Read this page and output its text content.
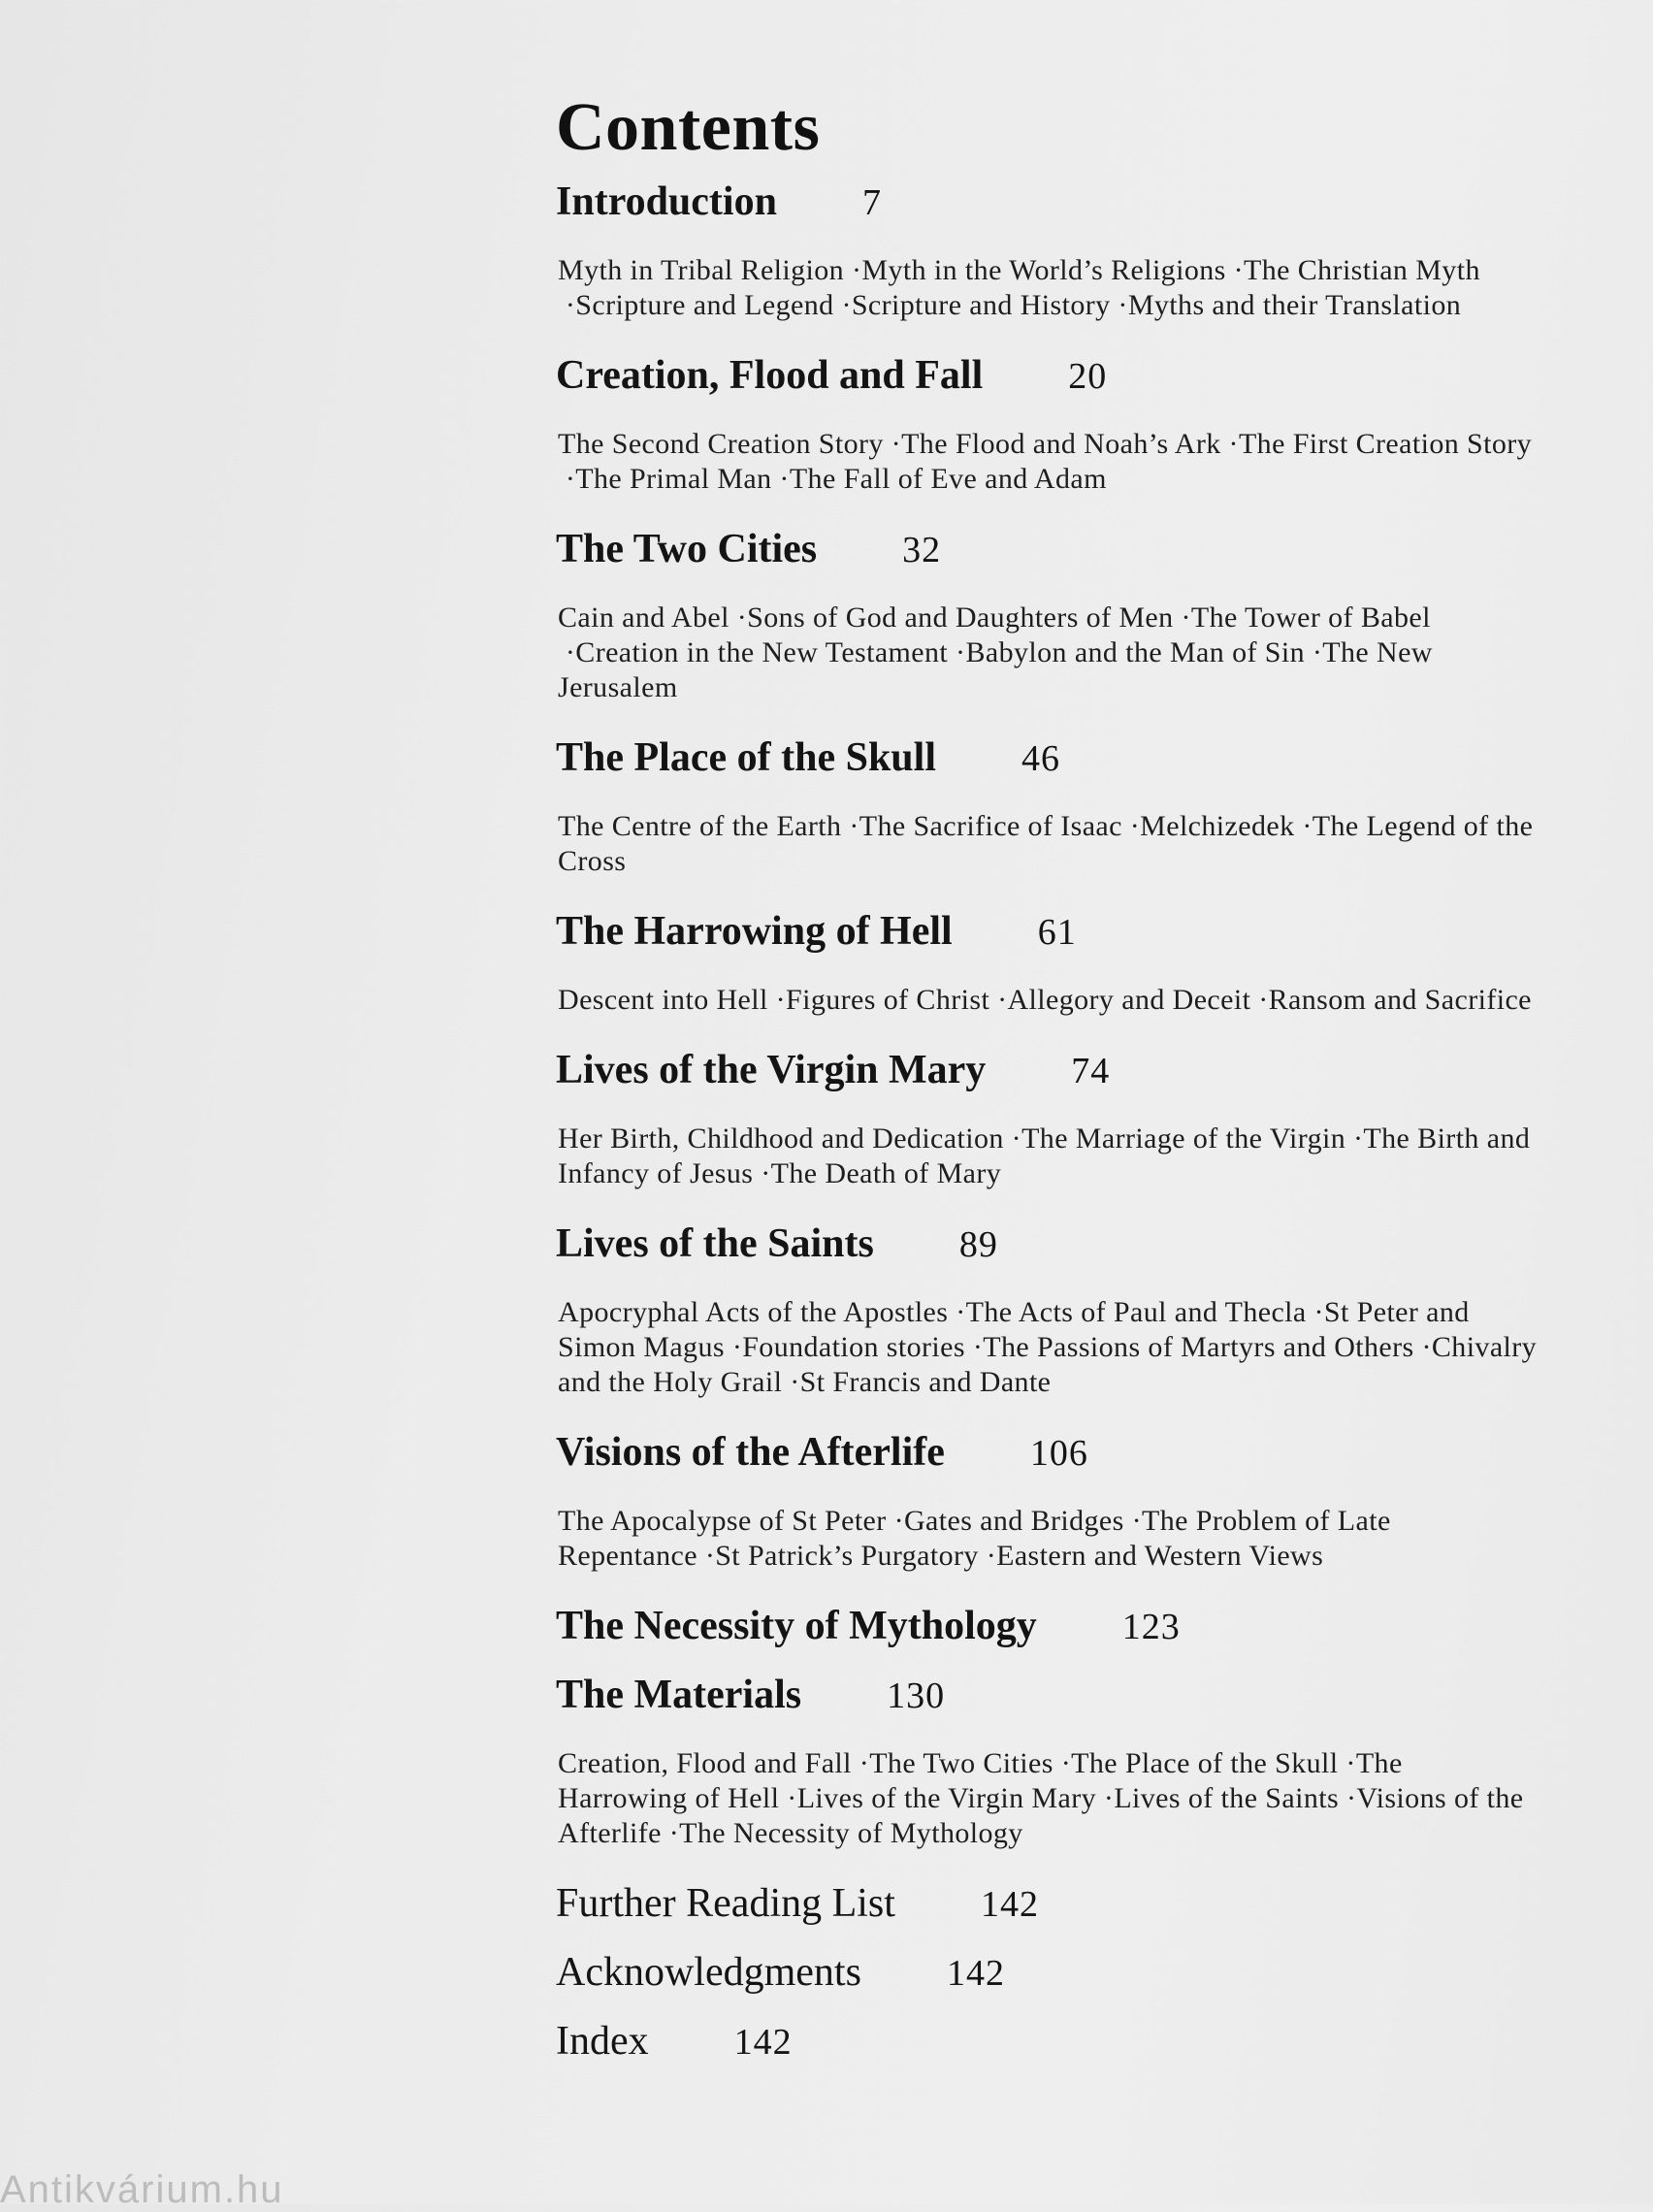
Contents
Introduction 7
Myth in Tribal Religion · Myth in the World’s Religions · The Christian Myth · Scripture and Legend · Scripture and History · Myths and their Translation
Creation, Flood and Fall 20
The Second Creation Story · The Flood and Noah’s Ark · The First Creation Story · The Primal Man · The Fall of Eve and Adam
The Two Cities 32
Cain and Abel · Sons of God and Daughters of Men · The Tower of Babel · Creation in the New Testament · Babylon and the Man of Sin · The New Jerusalem
The Place of the Skull 46
The Centre of the Earth · The Sacrifice of Isaac · Melchizedek · The Legend of the Cross
The Harrowing of Hell 61
Descent into Hell · Figures of Christ · Allegory and Deceit · Ransom and Sacrifice
Lives of the Virgin Mary 74
Her Birth, Childhood and Dedication · The Marriage of the Virgin · The Birth and Infancy of Jesus · The Death of Mary
Lives of the Saints 89
Apocryphal Acts of the Apostles · The Acts of Paul and Thecla · St Peter and Simon Magus · Foundation stories · The Passions of Martyrs and Others · Chivalry and the Holy Grail · St Francis and Dante
Visions of the Afterlife 106
The Apocalypse of St Peter · Gates and Bridges · The Problem of Late Repentance · St Patrick’s Purgatory · Eastern and Western Views
The Necessity of Mythology 123
The Materials 130
Creation, Flood and Fall · The Two Cities · The Place of the Skull · The Harrowing of Hell · Lives of the Virgin Mary · Lives of the Saints · Visions of the Afterlife · The Necessity of Mythology
Further Reading List 142
Acknowledgments 142
Index 142
Antikvárium.hu
